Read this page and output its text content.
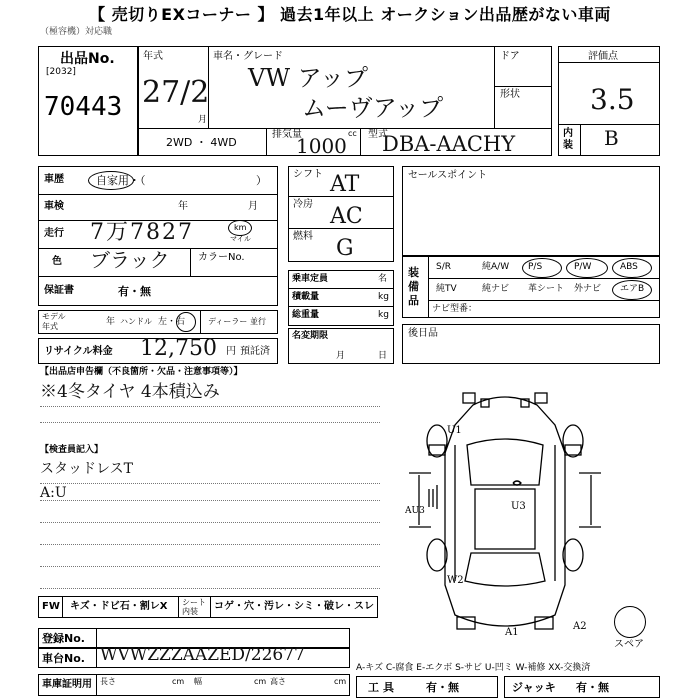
【 売切りEXコーナー 】 過去1年以上 オークション出品歴がない車両
（極容機）対応職
出品No.
[2032]
70443
年式
27/2
月
車名・グレード
VW アップ
ムーヴアップ
ドア
形状
2WD ・ 4WD
排気量	cc
1000 型式
DBA-AACHY
評価点
3.5
内装 B
車歴	自家用・（	）
車検	年	月
走行 7万7827	km
マイル
色 ブラック	カラーNo.
保証書	有・無
モデル年式	年 ハンドル 左・右	ディーラー 並行
リサイクル料金 12,750 円 預託済
シフト AT
冷房 AC
燃料 G
乗車定員	名
積載量	kg
総重量	kg
名変期限
月	日
セールスポイント
装備品
S/R	純A/W P/S	P/W	ABS
純TV	純ナビ 革シート 外ナビ エアB
ナビ型番：
後日品
【出品店申告欄（不良箇所・欠品・注意事項等）】
※4冬タイヤ 4本積込み
【検査員記入】
スタッドレスT
A:U
U1
AU3	U3
W2
A1
A2
スペア
FW キズ・ドビ石・割レX シート内装	コゲ・穴・汚レ・シミ・破レ・スレ
登録No.
車台No. WVWZZZAAZED/22677
車庫証明用 長さ	cm 幅	cm 高さ	cm
A-キズ C-腐食 E-エクボ S-サビ U-凹ミ W-補修 XX-交換済
工具	有・無	ジャッキ 有・無
